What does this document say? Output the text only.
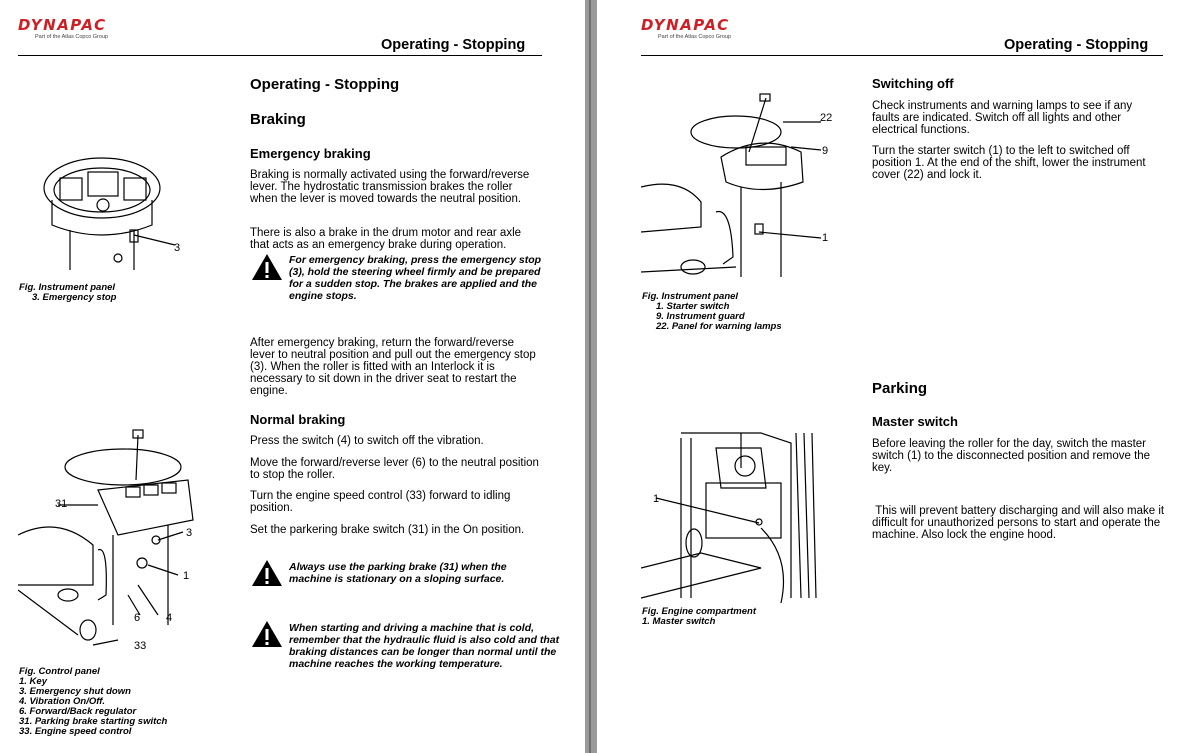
DYNAPAC
Part of the Atlas Copco Group	Operating - Stopping
Operating - Stopping
Braking
Emergency braking
Braking is normally activated using the forward/reverse lever. The hydrostatic transmission brakes the roller when the lever is moved towards the neutral position.
There is also a brake in the drum motor and rear axle that acts as an emergency brake during operation.
For emergency braking, press the emergency stop (3), hold the steering wheel firmly and be prepared for a sudden stop. The brakes are applied and the engine stops.
After emergency braking, return the forward/reverse lever to neutral position and pull out the emergency stop (3). When the roller is fitted with an Interlock it is necessary to sit down in the driver seat to restart the engine.
Normal braking
Press the switch (4) to switch off the vibration.
Move the forward/reverse lever (6) to the neutral position to stop the roller.
Turn the engine speed control (33) forward to idling position.
Set the parkering brake switch (31) in the On position.
Always use the parking brake (31) when the machine is stationary on a sloping surface.
When starting and driving a machine that is cold, remember that the hydraulic fluid is also cold and that braking distances can be longer than normal until the machine reaches the working temperature.
3
Fig. Instrument panel
3. Emergency stop
31
3
1
4
6
33
Fig. Control panel
1. Key
3. Emergency shut down
4. Vibration On/Off.
6. Forward/Back regulator
31. Parking brake starting switch
33. Engine speed control
DYNAPAC
Part of the Atlas Copco Group	Operating - Stopping
Switching off
Check instruments and warning lamps to see if any faults are indicated. Switch off all lights and other electrical functions.
Turn the starter switch (1) to the left to switched off position 1. At the end of the shift, lower the instrument cover (22) and lock it.
Parking
Master switch
Before leaving the roller for the day, switch the master switch (1) to the disconnected position and remove the key.
This will prevent battery discharging and will also make it difficult for unauthorized persons to start and operate the machine. Also lock the engine hood.
22
9
1
Fig. Instrument panel
1. Starter switch
9. Instrument guard
22. Panel for warning lamps
1
Fig. Engine compartment
1. Master switch
